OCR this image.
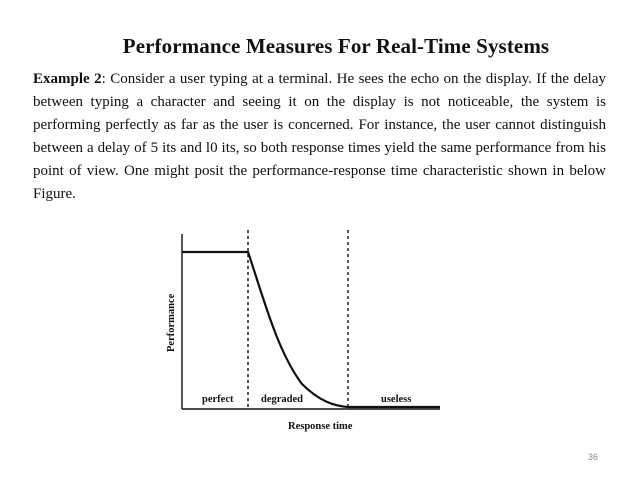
Performance Measures For Real-Time Systems
Example 2: Consider a user typing at a terminal. He sees the echo on the display. If the delay between typing a character and seeing it on the display is not noticeable, the system is performing perfectly as far as the user is concerned. For instance, the user cannot distinguish between a delay of 5 its and l0 its, so both response times yield the same performance from his point of view. One might posit the performance-response time characteristic shown in below Figure.
perfect	degraded	useless
Response time
Performance
36
